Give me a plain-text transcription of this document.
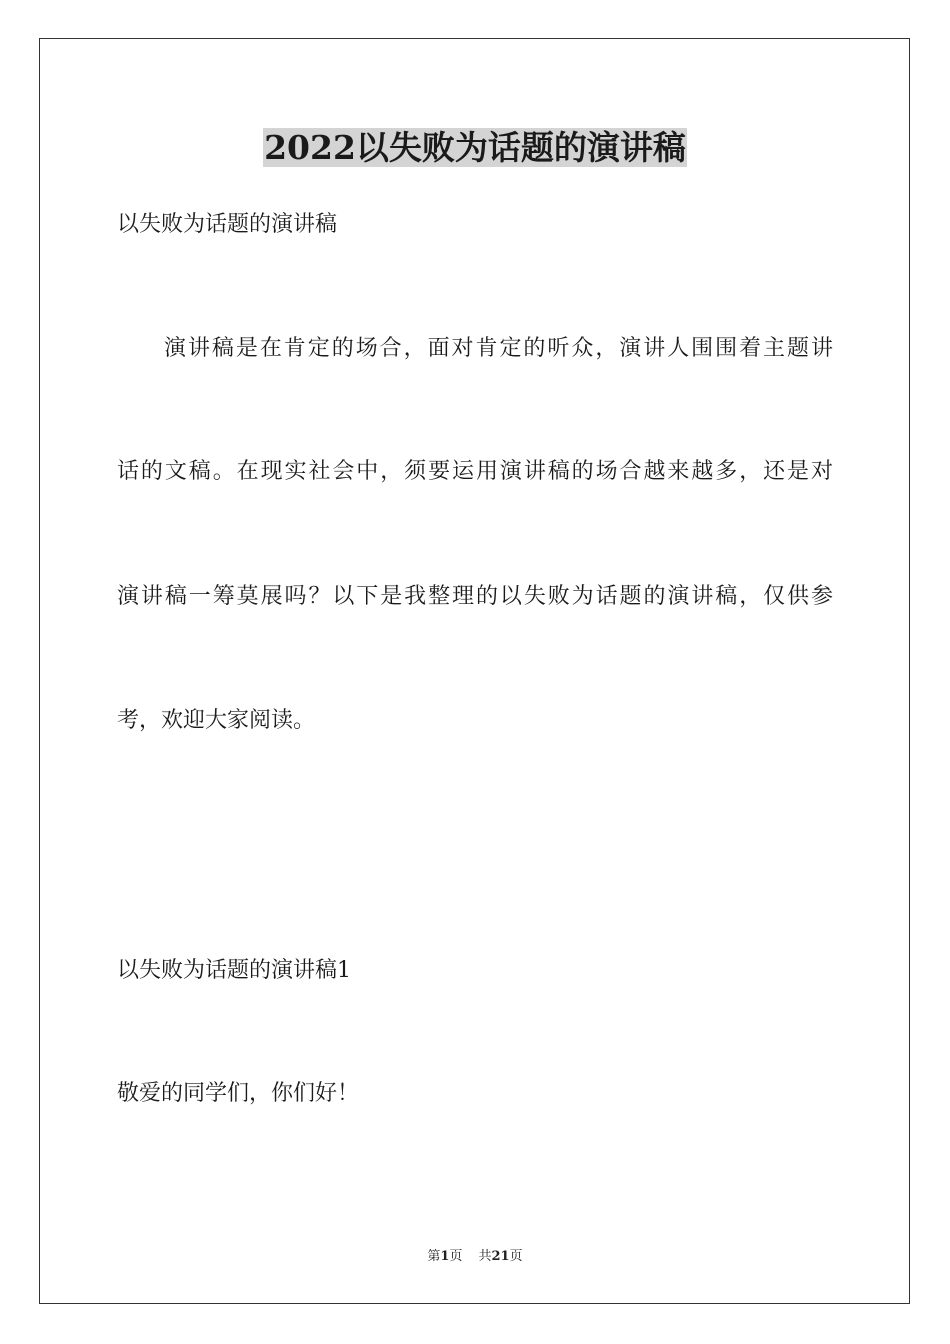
2022以失败为话题的演讲稿
以失败为话题的演讲稿
演讲稿是在肯定的场合，面对肯定的听众，演讲人围围着主题讲
话的文稿。在现实社会中，须要运用演讲稿的场合越来越多，还是对
演讲稿一筹莫展吗？以下是我整理的以失败为话题的演讲稿，仅供参
考，欢迎大家阅读。
以失败为话题的演讲稿1
敬爱的同学们，你们好！
第1页 共21页
